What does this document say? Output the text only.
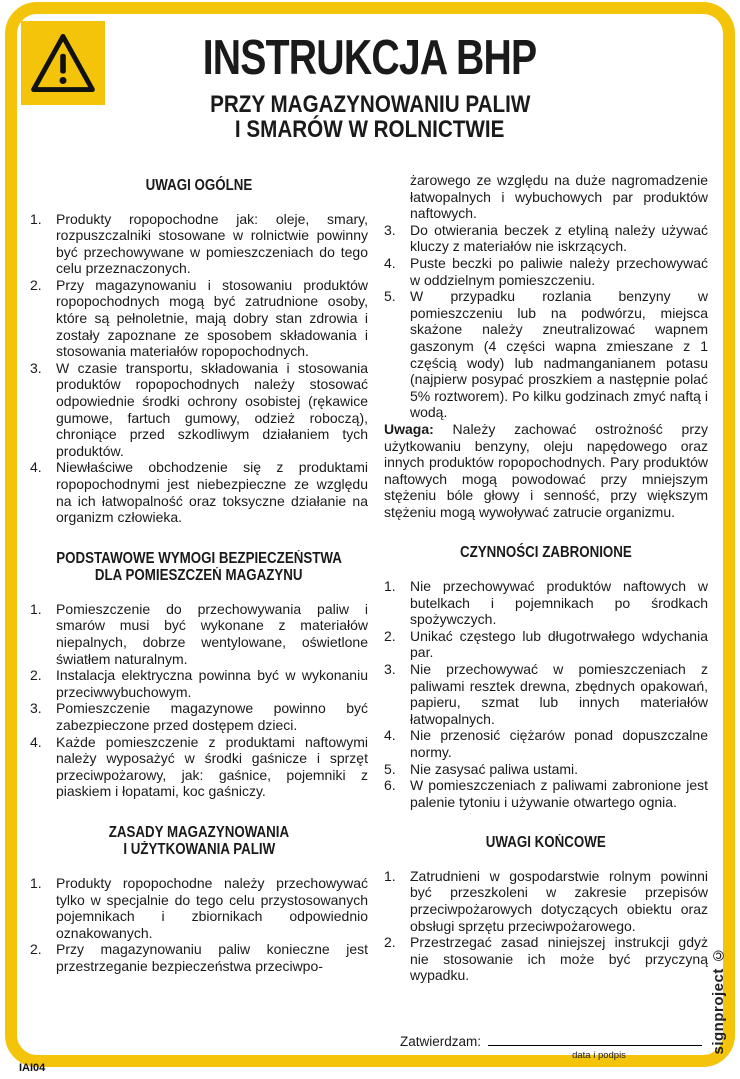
INSTRUKCJA BHP
PRZY MAGAZYNOWANIU PALIW
I SMARÓW W ROLNICTWIE
UWAGI OGÓLNE
1. Produkty ropopochodne jak: oleje, smary, rozpuszczalniki stosowane w rolnictwie powinny być przechowywane w pomieszczeniach do tego celu przeznaczonych.
2. Przy magazynowaniu i stosowaniu produktów ropopochodnych mogą być zatrudnione osoby, które są pełnoletnie, mają dobry stan zdrowia i zostały zapoznane ze sposobem składowania i stosowania materiałów ropopochodnych.
3. W czasie transportu, składowania i stosowania produktów ropopochodnych należy stosować odpowiednie środki ochrony osobistej (rękawice gumowe, fartuch gumowy, odzież roboczą), chroniące przed szkodliwym działaniem tych produktów.
4. Niewłaściwe obchodzenie się z produktami ropopochodnymi jest niebezpieczne ze względu na ich łatwopalność oraz toksyczne działanie na organizm człowieka.
PODSTAWOWE WYMOGI BEZPIECZEŃSTWA
DLA POMIESZCZEŃ MAGAZYNU
1. Pomieszczenie do przechowywania paliw i smarów musi być wykonane z materiałów niepalnych, dobrze wentylowane, oświetlone światłem naturalnym.
2. Instalacja elektryczna powinna być w wykonaniu przeciwwybuchowym.
3. Pomieszczenie magazynowe powinno być zabezpieczone przed dostępem dzieci.
4. Każde pomieszczenie z produktami naftowymi należy wyposażyć w środki gaśnicze i sprzęt przeciwpożarowy, jak: gaśnice, pojemniki z piaskiem i łopatami, koc gaśniczy.
ZASADY MAGAZYNOWANIA
I UŻYTKOWANIA PALIW
1. Produkty ropopochodne należy przechowywać tylko w specjalnie do tego celu przystosowanych pojemnikach i zbiornikach odpowiednio oznakowanych.
2. Przy magazynowaniu paliw konieczne jest przestrzeganie bezpieczeństwa przeciwpo-
żarowego ze względu na duże nagromadzenie łatwopalnych i wybuchowych par produktów naftowych.
3. Do otwierania beczek z etyliną należy używać kluczy z materiałów nie iskrzących.
4. Puste beczki po paliwie należy przechowywać w oddzielnym pomieszczeniu.
5. W przypadku rozlania benzyny w pomieszczeniu lub na podwórzu, miejsca skażone należy zneutralizować wapnem gaszonym (4 części wapna zmieszane z 1 częścią wody) lub nadmanganianem potasu (najpierw posypać proszkiem a następnie polać 5% roztworem). Po kilku godzinach zmyć naftą i wodą.

Uwaga: Należy zachować ostrożność przy użytkowaniu benzyny, oleju napędowego oraz innych produktów ropopochodnych. Pary produktów naftowych mogą powodować przy mniejszym stężeniu bóle głowy i senność, przy większym stężeniu mogą wywoływać zatrucie organizmu.

CZYNNOŚCI ZABRONIONE
1. Nie przechowywać produktów naftowych w butelkach i pojemnikach po środkach spożywczych.
2. Unikać częstego lub długotrwałego wdychania par.
3. Nie przechowywać w pomieszczeniach z paliwami resztek drewna, zbędnych opakowań, papieru, szmat lub innych materiałów łatwopalnych.
4. Nie przenosić ciężarów ponad dopuszczalne normy.
5. Nie zasysać paliwa ustami.
6. W pomieszczeniach z paliwami zabronione jest palenie tytoniu i używanie otwartego ognia.
UWAGI KOŃCOWE
1. Zatrudnieni w gospodarstwie rolnym powinni być przeszkoleni w zakresie przepisów przeciwpożarowych dotyczących obiektu oraz obsługi sprzętu przeciwpożarowego.
2. Przestrzegać zasad niniejszej instrukcji gdyż nie stosowanie ich może być przyczyną wypadku.
Zatwierdzam:
data i podpis
signproject ©
IAI04
